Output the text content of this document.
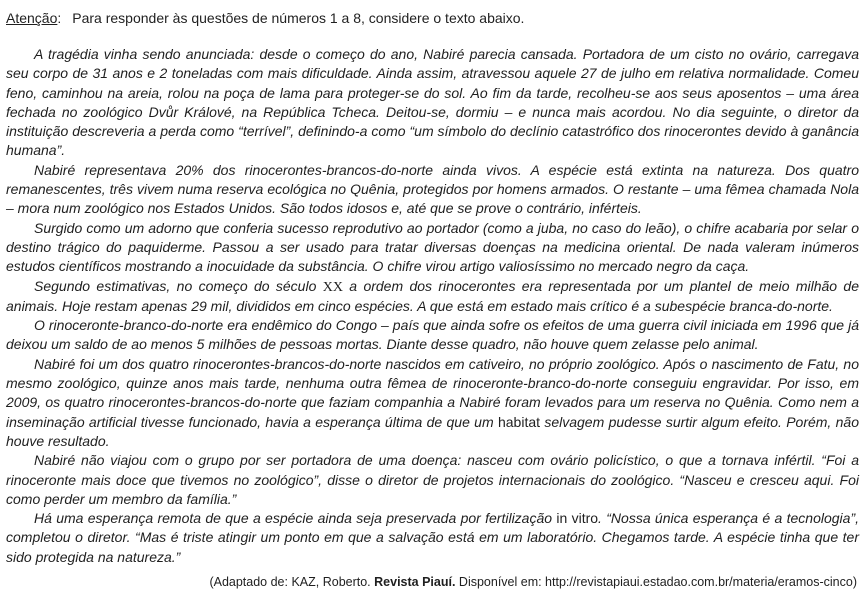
Atenção: Para responder às questões de números 1 a 8, considere o texto abaixo.

A tragédia vinha sendo anunciada: desde o começo do ano, Nabiré parecia cansada. Portadora de um cisto no ovário, carregava seu corpo de 31 anos e 2 toneladas com mais dificuldade. Ainda assim, atravessou aquele 27 de julho em relativa normalidade. Comeu feno, caminhou na areia, rolou na poça de lama para proteger-se do sol. Ao fim da tarde, recolheu-se aos seus aposentos – uma área fechada no zoológico Dvůr Králové, na República Tcheca. Deitou-se, dormiu – e nunca mais acordou. No dia seguinte, o diretor da instituição descreveria a perda como “terrível”, definindo-a como “um símbolo do declínio catastrófico dos rinocerontes devido à ganância humana”.

Nabiré representava 20% dos rinocerontes-brancos-do-norte ainda vivos. A espécie está extinta na natureza. Dos quatro remanescentes, três vivem numa reserva ecológica no Quênia, protegidos por homens armados. O restante – uma fêmea chamada Nola – mora num zoológico nos Estados Unidos. São todos idosos e, até que se prove o contrário, inférteis.

Surgido como um adorno que conferia sucesso reprodutivo ao portador (como a juba, no caso do leão), o chifre acabaria por selar o destino trágico do paquiderme. Passou a ser usado para tratar diversas doenças na medicina oriental. De nada valeram inúmeros estudos científicos mostrando a inocuidade da substância. O chifre virou artigo valiosíssimo no mercado negro da caça.

Segundo estimativas, no começo do século XX a ordem dos rinocerontes era representada por um plantel de meio milhão de animais. Hoje restam apenas 29 mil, divididos em cinco espécies. A que está em estado mais crítico é a subespécie branca-do-norte.

O rinoceronte-branco-do-norte era endêmico do Congo – país que ainda sofre os efeitos de uma guerra civil iniciada em 1996 que já deixou um saldo de ao menos 5 milhões de pessoas mortas. Diante desse quadro, não houve quem zelasse pelo animal.

Nabiré foi um dos quatro rinocerontes-brancos-do-norte nascidos em cativeiro, no próprio zoológico. Após o nascimento de Fatu, no mesmo zoológico, quinze anos mais tarde, nenhuma outra fêmea de rinoceronte-branco-do-norte conseguiu engravidar. Por isso, em 2009, os quatro rinocerontes-brancos-do-norte que faziam companhia a Nabiré foram levados para um reserva no Quênia. Como nem a inseminação artificial tivesse funcionado, havia a esperança última de que um habitat selvagem pudesse surtir algum efeito. Porém, não houve resultado.

Nabiré não viajou com o grupo por ser portadora de uma doença: nasceu com ovário policístico, o que a tornava infértil. “Foi a rinoceronte mais doce que tivemos no zoológico”, disse o diretor de projetos internacionais do zoológico. “Nasceu e cresceu aqui. Foi como perder um membro da família.”

Há uma esperança remota de que a espécie ainda seja preservada por fertilização in vitro. “Nossa única esperança é a tecnologia”, completou o diretor. “Mas é triste atingir um ponto em que a salvação está em um laboratório. Chegamos tarde. A espécie tinha que ter sido protegida na natureza.”

(Adaptado de: KAZ, Roberto. Revista Piauí. Disponível em: http://revistapiaui.estadao.com.br/materia/eramos-cinco)
